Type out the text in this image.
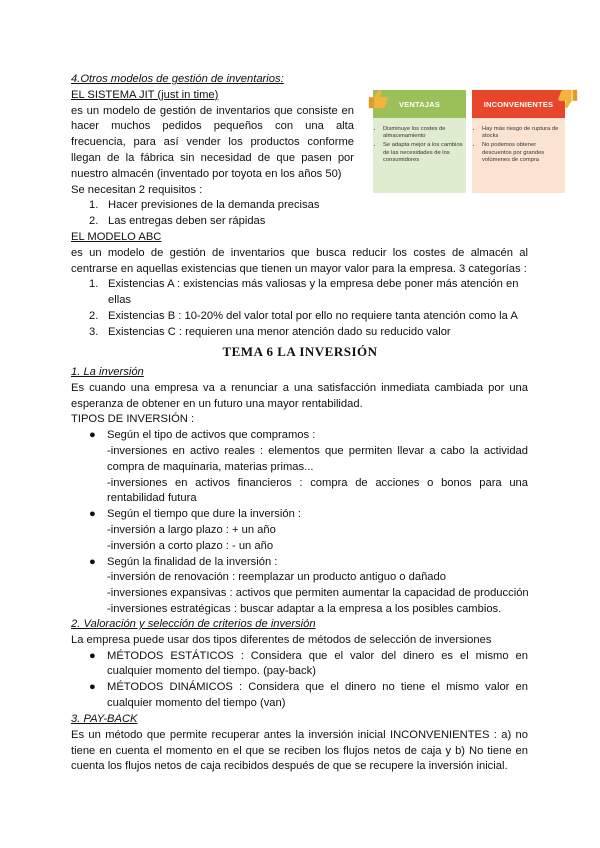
4.Otros modelos de gestión de inventarios:
EL SISTEMA JIT (just in time)
es un modelo de gestión de inventarios que consiste en
hacer muchos pedidos pequeños con una alta
frecuencia, para así vender los productos conforme
llegan de la fábrica sin necesidad de que pasen por
nuestro almacén (inventado por toyota en los años 50)
Se necesitan 2 requisitos :
1. Hacer previsiones de la demanda precisas
2. Las entregas deben ser rápidas
EL MODELO ABC
es un modelo de gestión de inventarios que busca reducir los costes de almacén al
centrarse en aquellas existencias que tienen un mayor valor para la empresa. 3 categorías :
1. Existencias A : existencias más valiosas y la empresa debe poner más atención en
ellas
2. Existencias B : 10-20% del valor total por ello no requiere tanta atención como la A
3. Existencias C : requieren una menor atención dado su reducido valor
VENTAJAS
• Disminuye los costes de almacenamiento
• Se adapta mejor a los cambios de las necesidades de los consumidores
INCONVENIENTES
• Hay más riesgo de ruptura de stocks
• No podemos obtener descuentos por grandes volúmenes de compra
TEMA 6 LA INVERSIÓN
1. La inversión
Es cuando una empresa va a renunciar a una satisfacción inmediata cambiada por una
esperanza de obtener en un futuro una mayor rentabilidad.
TIPOS DE INVERSIÓN :
● Según el tipo de activos que compramos :
-inversiones en activo reales : elementos que permiten llevar a cabo la actividad
compra de maquinaria, materias primas...
-inversiones en activos financieros : compra de acciones o bonos para una
rentabilidad futura
● Según el tiempo que dure la inversión :
-inversión a largo plazo : + un año
-inversión a corto plazo : - un año
● Según la finalidad de la inversión :
-inversión de renovación : reemplazar un producto antiguo o dañado
-inversiones expansivas : activos que permiten aumentar la capacidad de producción
-inversiones estratégicas : buscar adaptar a la empresa a los posibles cambios.
2. Valoración y selección de criterios de inversión
La empresa puede usar dos tipos diferentes de métodos de selección de inversiones
● MÉTODOS ESTÁTICOS : Considera que el valor del dinero es el mismo en
cualquier momento del tiempo. (pay-back)
● MÉTODOS DINÁMICOS : Considera que el dinero no tiene el mismo valor en
cualquier momento del tiempo (van)
3. PAY-BACK
Es un método que permite recuperar antes la inversión inicial INCONVENIENTES : a) no
tiene en cuenta el momento en el que se reciben los flujos netos de caja y b) No tiene en
cuenta los flujos netos de caja recibidos después de que se recupere la inversión inicial.
